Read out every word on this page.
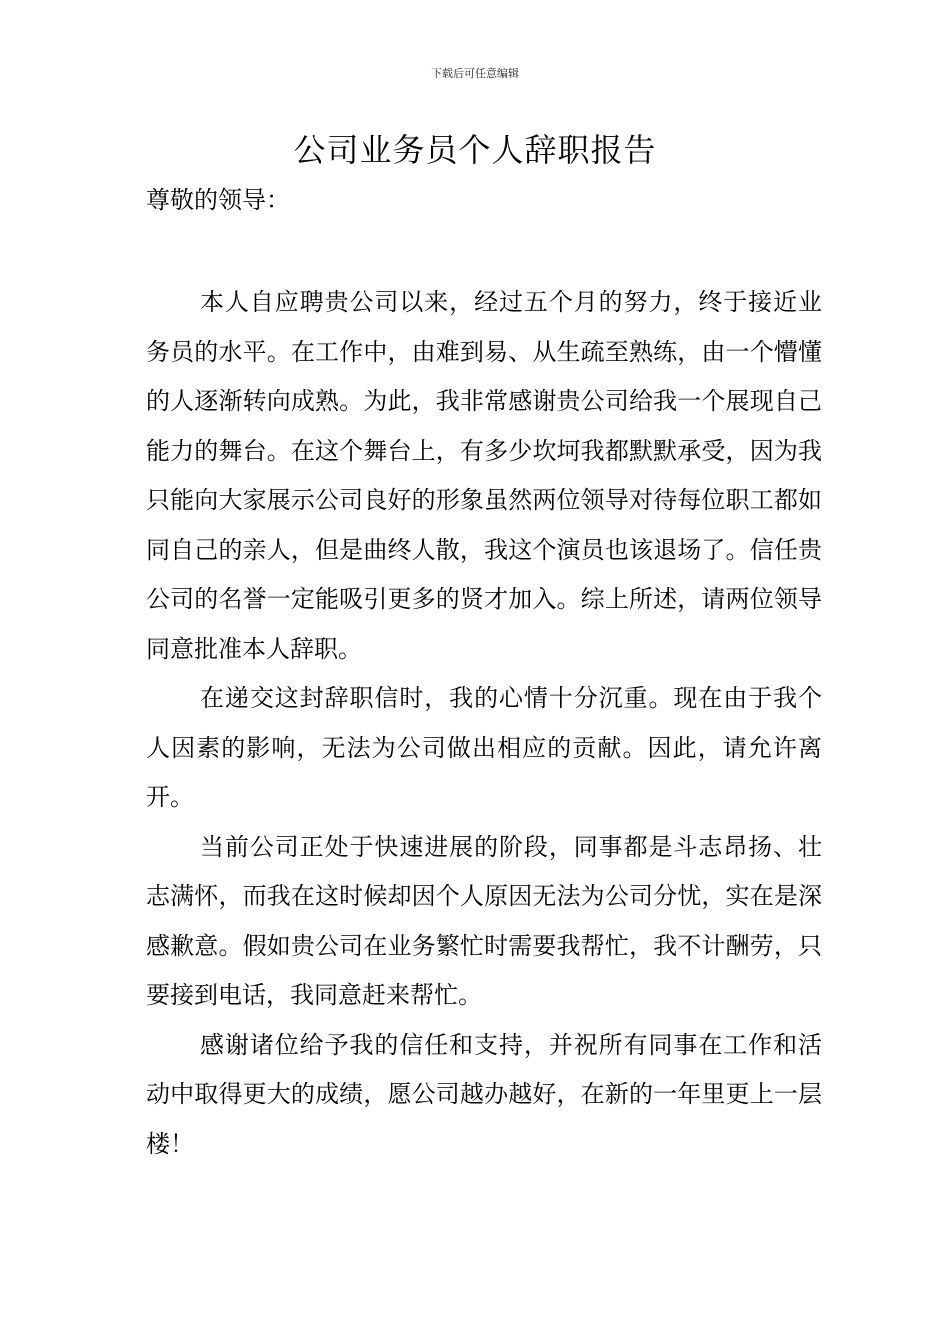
下载后可任意编辑
公司业务员个人辞职报告
尊敬的领导：

本人自应聘贵公司以来，经过五个月的努力，终于接近业务员的水平。在工作中，由难到易、从生疏至熟练，由一个懵懂的人逐渐转向成熟。为此，我非常感谢贵公司给我一个展现自己能力的舞台。在这个舞台上，有多少坎坷我都默默承受，因为我只能向大家展示公司良好的形象虽然两位领导对待每位职工都如同自己的亲人，但是曲终人散，我这个演员也该退场了。信任贵公司的名誉一定能吸引更多的贤才加入。综上所述，请两位领导同意批准本人辞职。

在递交这封辞职信时，我的心情十分沉重。现在由于我个人因素的影响，无法为公司做出相应的贡献。因此，请允许离开。

当前公司正处于快速进展的阶段，同事都是斗志昂扬、壮志满怀，而我在这时候却因个人原因无法为公司分忧，实在是深感歉意。假如贵公司在业务繁忙时需要我帮忙，我不计酬劳，只要接到电话，我同意赶来帮忙。

感谢诸位给予我的信任和支持，并祝所有同事在工作和活动中取得更大的成绩，愿公司越办越好，在新的一年里更上一层楼！
